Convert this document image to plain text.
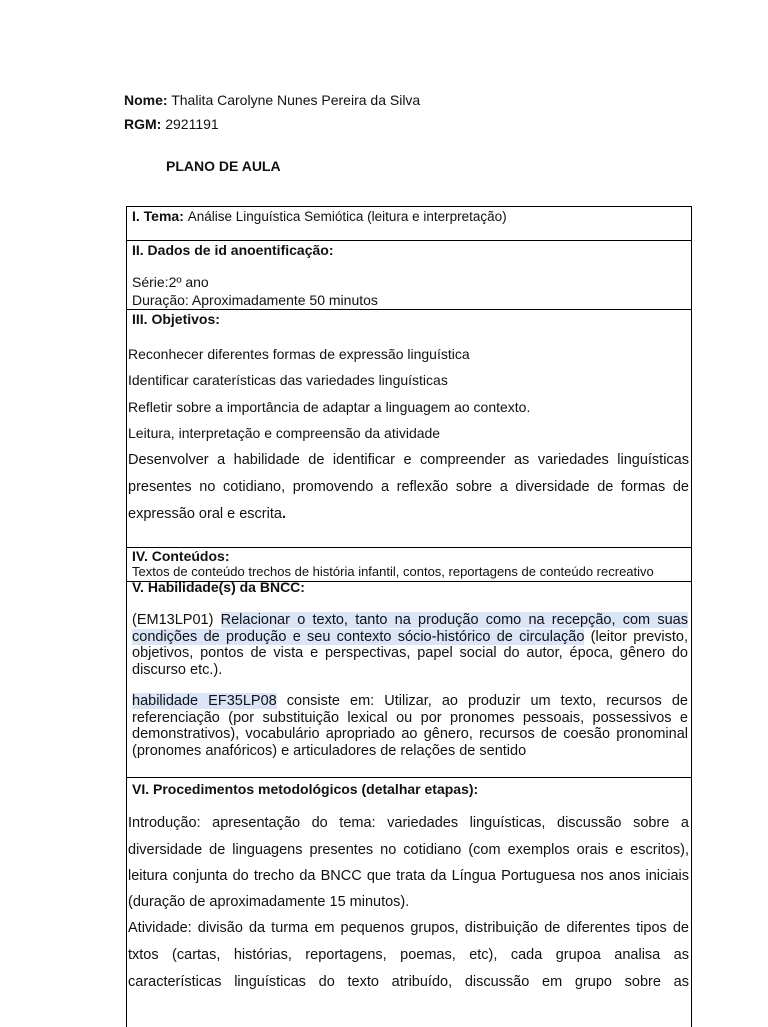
Nome: Thalita Carolyne Nunes Pereira da Silva
RGM: 2921191
PLANO DE AULA
I. Tema: Análise Linguística Semiótica (leitura e interpretação)
II. Dados de id anoentificação:
Série:2º ano
Duração: Aproximadamente 50 minutos
III. Objetivos:
Reconhecer diferentes formas de expressão linguística
Identificar caraterísticas das variedades linguísticas
Refletir sobre a importância de adaptar a linguagem ao contexto.
Leitura, interpretação e compreensão da atividade
Desenvolver a habilidade de identificar e compreender as variedades linguísticas
presentes no cotidiano, promovendo a reflexão sobre a diversidade de formas de
expressão oral e escrita.
IV. Conteúdos:
Textos de conteúdo trechos de história infantil, contos, reportagens de conteúdo recreativo
V. Habilidade(s) da BNCC:
(EM13LP01) Relacionar o texto, tanto na produção como na recepção, com suas condições de produção e seu contexto sócio-histórico de circulação (leitor previsto, objetivos, pontos de vista e perspectivas, papel social do autor, época, gênero do discurso etc.).
habilidade EF35LP08 consiste em: Utilizar, ao produzir um texto, recursos de referenciação (por substituição lexical ou por pronomes pessoais, possessivos e demonstrativos), vocabulário apropriado ao gênero, recursos de coesão pronominal (pronomes anafóricos) e articuladores de relações de sentido
VI. Procedimentos metodológicos (detalhar etapas):
Introdução: apresentação do tema: variedades linguísticas, discussão sobre a
diversidade de linguagens presentes no cotidiano (com exemplos orais e escritos),
leitura conjunta do trecho da BNCC que trata da Língua Portuguesa nos anos iniciais
(duração de aproximadamente 15 minutos).
Atividade: divisão da turma em pequenos grupos, distribuição de diferentes tipos de
txtos (cartas, histórias, reportagens, poemas, etc), cada grupoa analisa as
características linguísticas do texto atribuído, discussão em grupo sobre as
